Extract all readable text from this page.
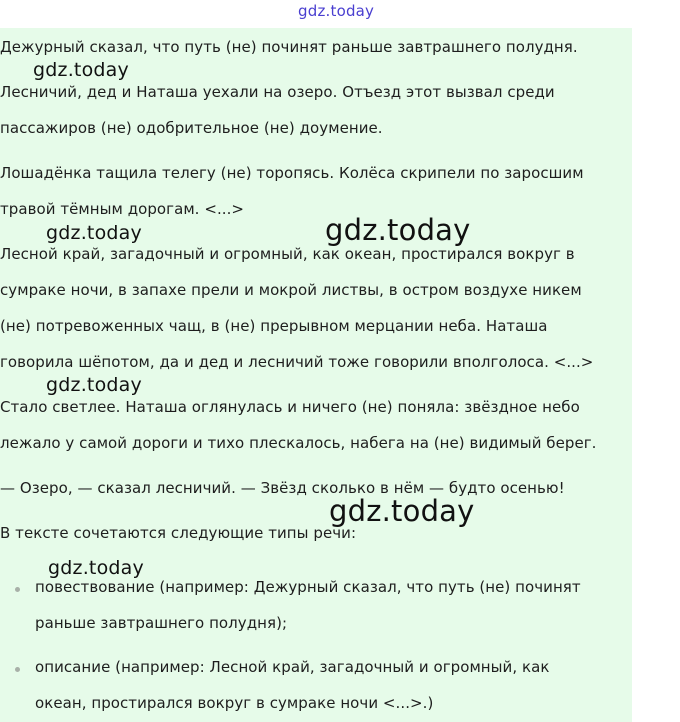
gdz.today
gdz.today
gdz.today	gdz.today
gdz.today
gdz.today
gdz.today
Дежурный сказал, что путь (не) починят раньше завтрашнего полудня.
Лесничий, дед и Наташа уехали на озеро. Отъезд этот вызвал среди
пассажиров (не) одобрительное (не) доумение.
Лошадёнка тащила телегу (не) торопясь. Колёса скрипели по заросшим
травой тёмным дорогам. <...>
Лесной край, загадочный и огромный, как океан, простирался вокруг в
сумраке ночи, в запахе прели и мокрой листвы, в остром воздухе никем
(не) потревоженных чащ, в (не) прерывном мерцании неба. Наташа
говорила шёпотом, да и дед и лесничий тоже говорили вполголоса. <...>
Стало светлее. Наташа оглянулась и ничего (не) поняла: звёздное небо
лежало у самой дороги и тихо плескалось, набега на (не) видимый берег.
— Озеро, — сказал лесничий. — Звёзд сколько в нём — будто осенью!
В тексте сочетаются следующие типы речи:
повествование (например: Дежурный сказал, что путь (не) починят
раньше завтрашнего полудня);
описание (например: Лесной край, загадочный и огромный, как
океан, простирался вокруг в сумраке ночи <...>.)
